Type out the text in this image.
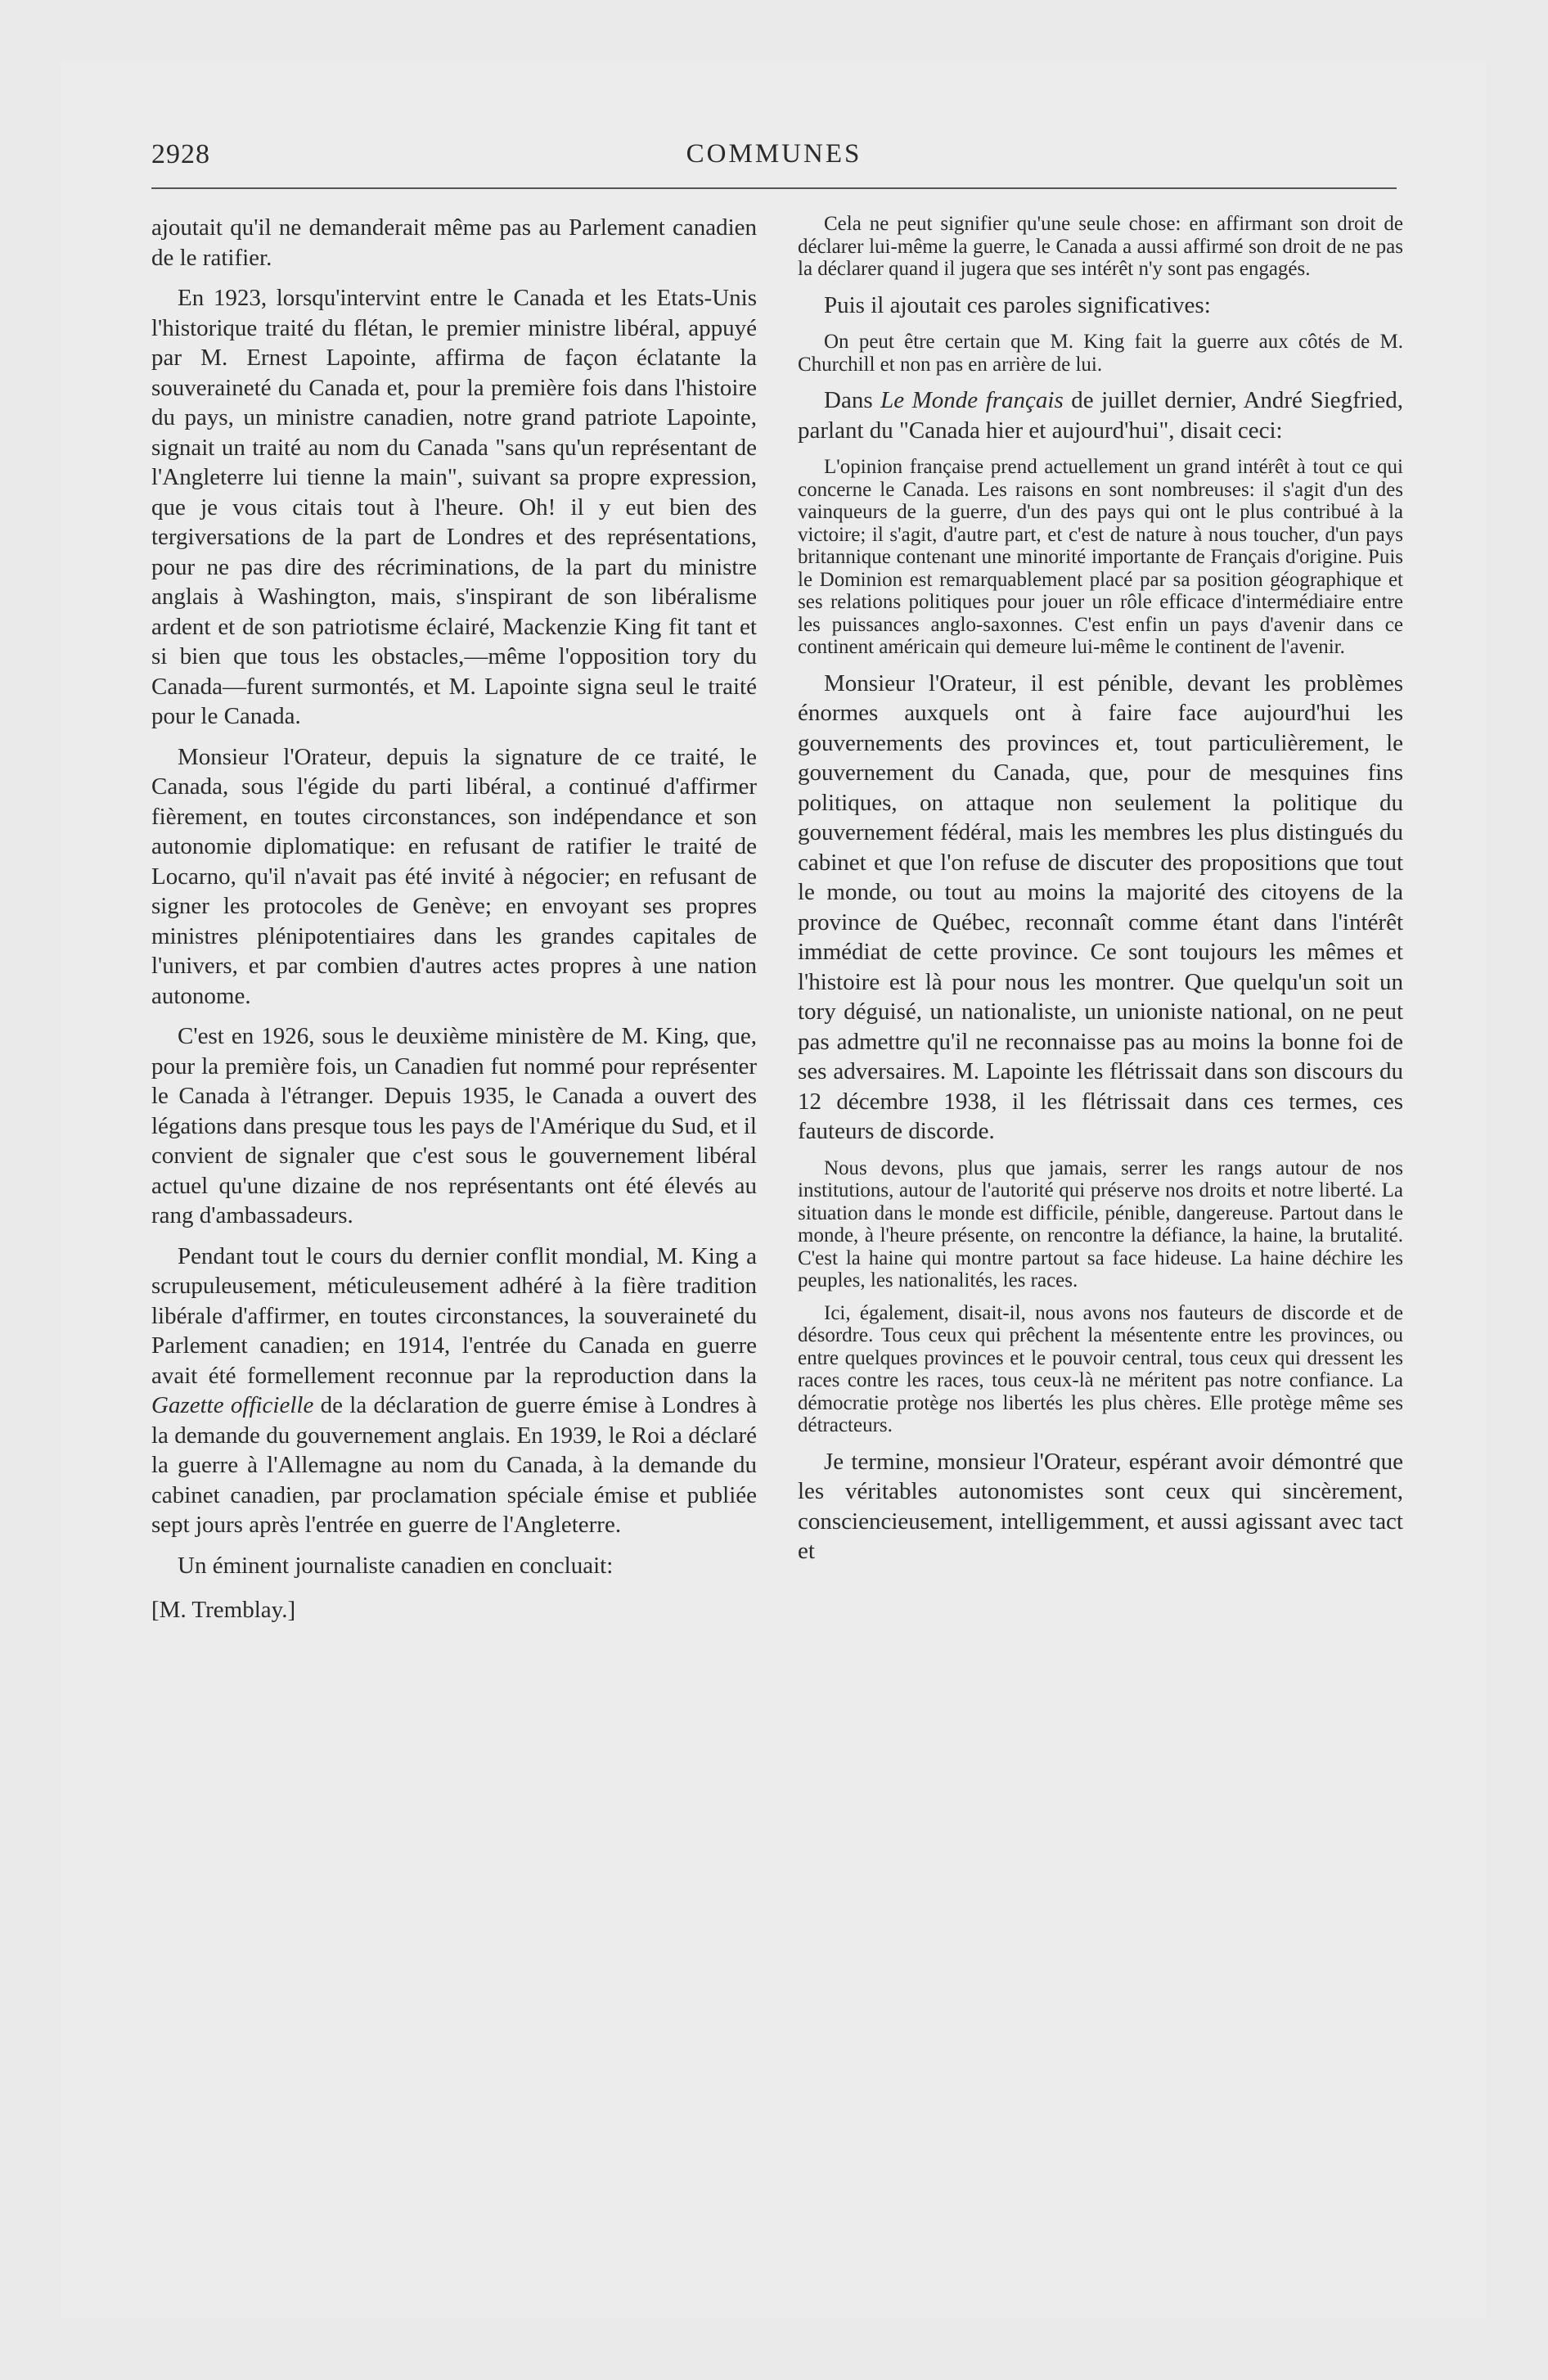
2928	COMMUNES

ajoutait qu'il ne demanderait même pas au Parlement canadien de le ratifier.

En 1923, lorsqu'intervint entre le Canada et les Etats-Unis l'historique traité du flétan, le premier ministre libéral, appuyé par M. Ernest Lapointe, affirma de façon éclatante la souveraineté du Canada et, pour la première fois dans l'histoire du pays, un ministre canadien, notre grand patriote Lapointe, signait un traité au nom du Canada "sans qu'un représentant de l'Angleterre lui tienne la main", suivant sa propre expression, que je vous citais tout à l'heure. Oh! il y eut bien des tergiversations de la part de Londres et des représentations, pour ne pas dire des récriminations, de la part du ministre anglais à Washington, mais, s'inspirant de son libéralisme ardent et de son patriotisme éclairé, Mackenzie King fit tant et si bien que tous les obstacles,—même l'opposition tory du Canada—furent surmontés, et M. Lapointe signa seul le traité pour le Canada.

Monsieur l'Orateur, depuis la signature de ce traité, le Canada, sous l'égide du parti libéral, a continué d'affirmer fièrement, en toutes circonstances, son indépendance et son autonomie diplomatique: en refusant de ratifier le traité de Locarno, qu'il n'avait pas été invité à négocier; en refusant de signer les protocoles de Genève; en envoyant ses propres ministres plénipotentiaires dans les grandes capitales de l'univers, et par combien d'autres actes propres à une nation autonome.

C'est en 1926, sous le deuxième ministère de M. King, que, pour la première fois, un Canadien fut nommé pour représenter le Canada à l'étranger. Depuis 1935, le Canada a ouvert des légations dans presque tous les pays de l'Amérique du Sud, et il convient de signaler que c'est sous le gouvernement libéral actuel qu'une dizaine de nos représentants ont été élevés au rang d'ambassadeurs.

Pendant tout le cours du dernier conflit mondial, M. King a scrupuleusement, méticuleusement adhéré à la fière tradition libérale d'affirmer, en toutes circonstances, la souveraineté du Parlement canadien; en 1914, l'entrée du Canada en guerre avait été formellement reconnue par la reproduction dans la Gazette officielle de la déclaration de guerre émise à Londres à la demande du gouvernement anglais. En 1939, le Roi a déclaré la guerre à l'Allemagne au nom du Canada, à la demande du cabinet canadien, par proclamation spéciale émise et publiée sept jours après l'entrée en guerre de l'Angleterre.

Un éminent journaliste canadien en concluait:

[M. Tremblay.]

Cela ne peut signifier qu'une seule chose: en affirmant son droit de déclarer lui-même la guerre, le Canada a aussi affirmé son droit de ne pas la déclarer quand il jugera que ses intérêt n'y sont pas engagés.

Puis il ajoutait ces paroles significatives:

On peut être certain que M. King fait la guerre aux côtés de M. Churchill et non pas en arrière de lui.

Dans Le Monde français de juillet dernier, André Siegfried, parlant du "Canada hier et aujourd'hui", disait ceci:

L'opinion française prend actuellement un grand intérêt à tout ce qui concerne le Canada. Les raisons en sont nombreuses: il s'agit d'un des vainqueurs de la guerre, d'un des pays qui ont le plus contribué à la victoire; il s'agit, d'autre part, et c'est de nature à nous toucher, d'un pays britannique contenant une minorité importante de Français d'origine. Puis le Dominion est remarquablement placé par sa position géographique et ses relations politiques pour jouer un rôle efficace d'intermédiaire entre les puissances anglo-saxonnes. C'est enfin un pays d'avenir dans ce continent américain qui demeure lui-même le continent de l'avenir.

Monsieur l'Orateur, il est pénible, devant les problèmes énormes auxquels ont à faire face aujourd'hui les gouvernements des provinces et, tout particulièrement, le gouvernement du Canada, que, pour de mesquines fins politiques, on attaque non seulement la politique du gouvernement fédéral, mais les membres les plus distingués du cabinet et que l'on refuse de discuter des propositions que tout le monde, ou tout au moins la majorité des citoyens de la province de Québec, reconnaît comme étant dans l'intérêt immédiat de cette province. Ce sont toujours les mêmes et l'histoire est là pour nous les montrer. Que quelqu'un soit un tory déguisé, un nationaliste, un unioniste national, on ne peut pas admettre qu'il ne reconnaisse pas au moins la bonne foi de ses adversaires. M. Lapointe les flétrissait dans son discours du 12 décembre 1938, il les flétrissait dans ces termes, ces fauteurs de discorde.

Nous devons, plus que jamais, serrer les rangs autour de nos institutions, autour de l'autorité qui préserve nos droits et notre liberté. La situation dans le monde est difficile, pénible, dangereuse. Partout dans le monde, à l'heure présente, on rencontre la défiance, la haine, la brutalité. C'est la haine qui montre partout sa face hideuse. La haine déchire les peuples, les nationalités, les races.

Ici, également, disait-il, nous avons nos fauteurs de discorde et de désordre. Tous ceux qui prêchent la mésentente entre les provinces, ou entre quelques provinces et le pouvoir central, tous ceux qui dressent les races contre les races, tous ceux-là ne méritent pas notre confiance. La démocratie protège nos libertés les plus chères. Elle protège même ses détracteurs.

Je termine, monsieur l'Orateur, espérant avoir démontré que les véritables autonomistes sont ceux qui sincèrement, consciencieusement, intelligemment, et aussi agissant avec tact et
